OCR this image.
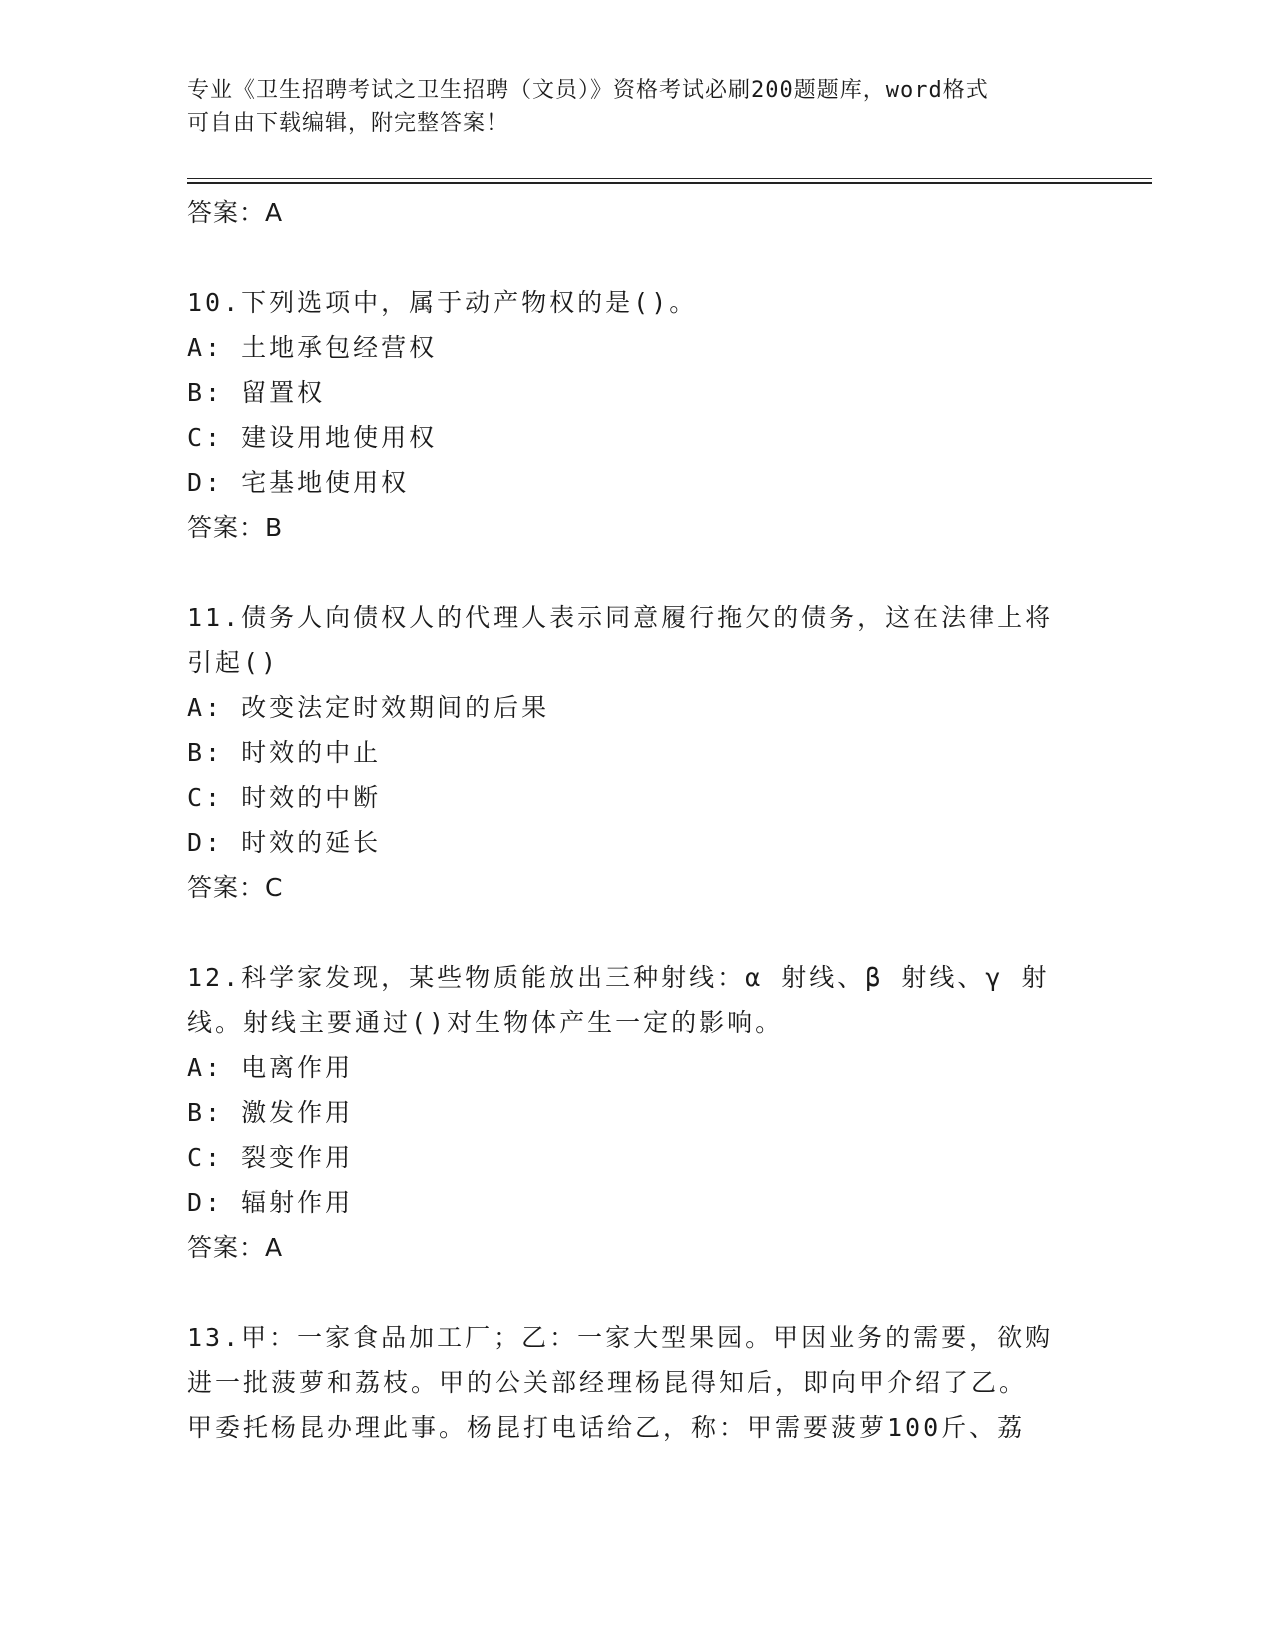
专业《卫生招聘考试之卫生招聘（文员）》资格考试必刷200题题库，word格式
可自由下载编辑，附完整答案！
答案：A
10.下列选项中，属于动产物权的是()。
A: 土地承包经营权
B: 留置权
C: 建设用地使用权
D: 宅基地使用权
答案：B
11.债务人向债权人的代理人表示同意履行拖欠的债务，这在法律上将
引起()
A: 改变法定时效期间的后果
B: 时效的中止
C: 时效的中断
D: 时效的延长
答案：C
12.科学家发现，某些物质能放出三种射线：α 射线、β 射线、γ 射
线。射线主要通过()对生物体产生一定的影响。
A: 电离作用
B: 激发作用
C: 裂变作用
D: 辐射作用
答案：A
13.甲：一家食品加工厂；乙：一家大型果园。甲因业务的需要，欲购
进一批菠萝和荔枝。甲的公关部经理杨昆得知后，即向甲介绍了乙。
甲委托杨昆办理此事。杨昆打电话给乙，称：甲需要菠萝100斤、荔
